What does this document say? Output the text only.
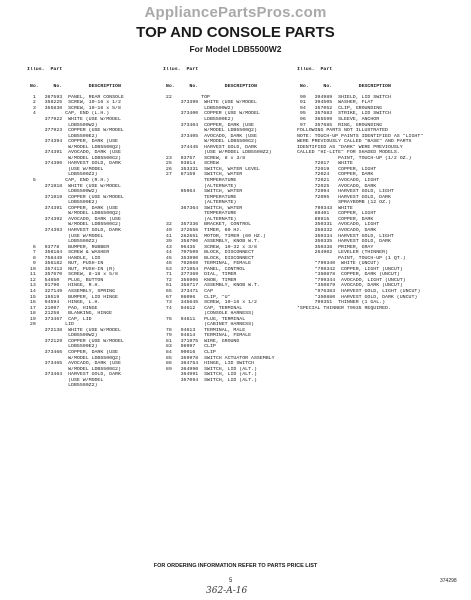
AppliancePartsPros.com
TOP AND CONSOLE PARTS
For Model LDB5500W2

Illus.  Part

No.     No.         DESCRIPTION

1   387593  PANEL, REAR CONSOLE
2   358225  SCREW, 10-16 x 1/2
3   355838  SCREW, 10-16 x 5/8
4          CAP, END (L.H.)
377922  WHITE (USE W/MODEL
LDB5500W2)
377923  COPPER (USE W/MODEL
LDB5500E2)
374394  COPPER, DARK (USE
W/MODEL LDB5500Q2)
374391  AVOCADO, DARK (USE
W/MODEL LDB5500G2)
374396  HARVEST GOLD, DARK
(USE W/MODEL
LDB5500Z2)
5          CAP, END (R.H.)
371918  WHITE (USE W/MODEL
LDB5500W2)
371919  COPPER (USE W/MODEL
LDB5500E2)
374391  COPPER, DARK (USE
W/MODEL LDB5500Q2)
374392  AVOCADO, DARK (USE
W/MODEL LDB5500G2)
374393  HARVEST GOLD, DARK
(USE W/MODEL
LDB5500Z2)
6   93778   BUMPER, RUBBER
7   356184  SCREW & WASHER
8   758449  HANDLE, LID
9   356182  NUT, PUSH-IN
10   357413  NUT, PUSH-IN (R)
11   357670  SCREW, 8-18 x 5/8
12   54650   PLUG, BUTTON
13   91790   HINGE, R.H.
14   327149  ASSEMBLY, SPRING
15   19519   BUMPER, LID HINGE
16   94594   HINGE, L.H.
17   21097   PAD, HINGE
18   21258   BLANKING, HINGE
19   373467  CAP, LID
20          LID
372138  WHITE (USE W/MODEL
LDB5500W2)
372129  COPPER (USE W/MODEL
LDB5500E2)
373466  COPPER, DARK (USE
W/MODEL LDB5500Q2)
373465  AVOCADO, DARK (USE
W/MODEL LDB5500G2)
373464  HARVEST GOLD, DARK
(USE W/MODEL
LDB5500Z2)

Illus.  Part

No.     No.         DESCRIPTION

22          TOP
373399  WHITE (USE W/MODEL
LDB5500W2)
373400  COPPER (USE W/MODEL
LDB5500E2)
373404  COPPER, DARK (USE
W/MODEL LDB5500Q2)
373405  AVOCADO, DARK (USE
W/MODEL LDB5500G2)
374445  HARVEST GOLD, DARK
(USE W/MODEL LDB5500Z2)
23   93757   SCREW, 8 x 3/8
25   93814   SCREW
26   353331  SWITCH, WATER LEVEL
27   87159   SWITCH, WATER
TEMPERATURE
(ALTERNATE)
95964   SWITCH, WATER
TEMPERATURE
(ALTERNATE)
367364  SWITCH, WATER
TEMPERATURE
(ALTERNATE)
32   357336  BRACKET, CONTROL
49   372656  TIMER, 60 Hz.
41   262651  MOTOR, TIMER (60 HZ.)
39   358700  ASSEMBLY, KNOB W.T.
43   96435   SCREW, 10-32 x 3/8
44   707509  BLOCK, DISCONNECT
45   353990  BLOCK, DISCONNECT
46   702069  TERMINAL, FEMALE
63   371954  PANEL, CONTROL
71   377369  DIAL, TIMER
72   356906  KNOB, TIMER
61   358717  ASSEMBLY, KNOB W.T.
65   373471  CAP
67   98096   CLIP, "U"
73   345645  SCREW, 10-16 x 1/2
74   94612   CAP, TERMINAL
(CONSOLE HARNESS)
76   94611   PLUG, TERMINAL
(CABINET HARNESS)
78   94613   TERMINAL, MALE
79   94614   TERMINAL, FEMALE
81   371975  WIRE, GROUND
83   98997   CLIP
84   90016   CLIP
85   359978  SWITCH ACTUATOR ASSEMBLY
86   364754  HINGE, LID SWITCH
89   364990  SWITCH, LID (ALT.)
364991  SWITCH, LID (ALT.)
357094  SWITCH, LID (ALT.)

Illus.  Part

No.     No.         DESCRIPTION

90   394989  SHIELD, LID SWITCH
91   394505  WASHER, FLAT
94   357052  CLIP, GROUNDING
95   357683  STRIKE, LID SWITCH
96   365599  SLEEVE, ANCHOR
97   357685  RING, GROUNDING
FOLLOWING PARTS NOT ILLUSTRATED
NOTE: TOUCH-UP PAINTS IDENTIFIED AS "LIGHT"
WERE PREVIOUSLY CALLED "BASE" AND PARTS
IDENTIFIED AS "DARK" WERE PREVIOUSLY
CALLED "HI-LITE" FOR SHADED MODELS.
PAINT, TOUCH-UP (1/2 OZ.)
72017   WHITE
72019   COPPER, LIGHT
72024   COPPER, DARK
72021   AVOCADO, LIGHT
72025   AVOCADO, DARK
72094   HARVEST GOLD, LIGHT
72095   HARVEST GOLD, DARK
SPRAYBOMB (12 OZ.)
799343  WHITE
89401   COPPER, LIGHT
89915   COPPER, DARK
350331  AVOCADO, LIGHT
350332  AVOCADO, DARK
350334  HARVEST GOLD, LIGHT
350335  HARVEST GOLD, DARK
350338  PRIMER, GRAY
264902  LEVELER (THINNER)
PAINT, TOUCH-UP (1 QT.)
*799340  WHITE (UNCUT)
*799342  COPPER, LIGHT (UNCUT)
*350878  COPPER, DARK (UNCUT)
*799344  AVOCADO, LIGHT (UNCUT)
*350879  AVOCADO, DARK (UNCUT)
*976383  HARVEST GOLD, LIGHT (UNCUT)
*350880  HARVEST GOLD, DARK (UNCUT)
799351  THINNER (1 GAL.)
*SPECIAL THINNER 79935 REQUIRED.
FOR ORDERING INFORMATION REFER TO PARTS PRICE LIST
5	374298
362-A-16
